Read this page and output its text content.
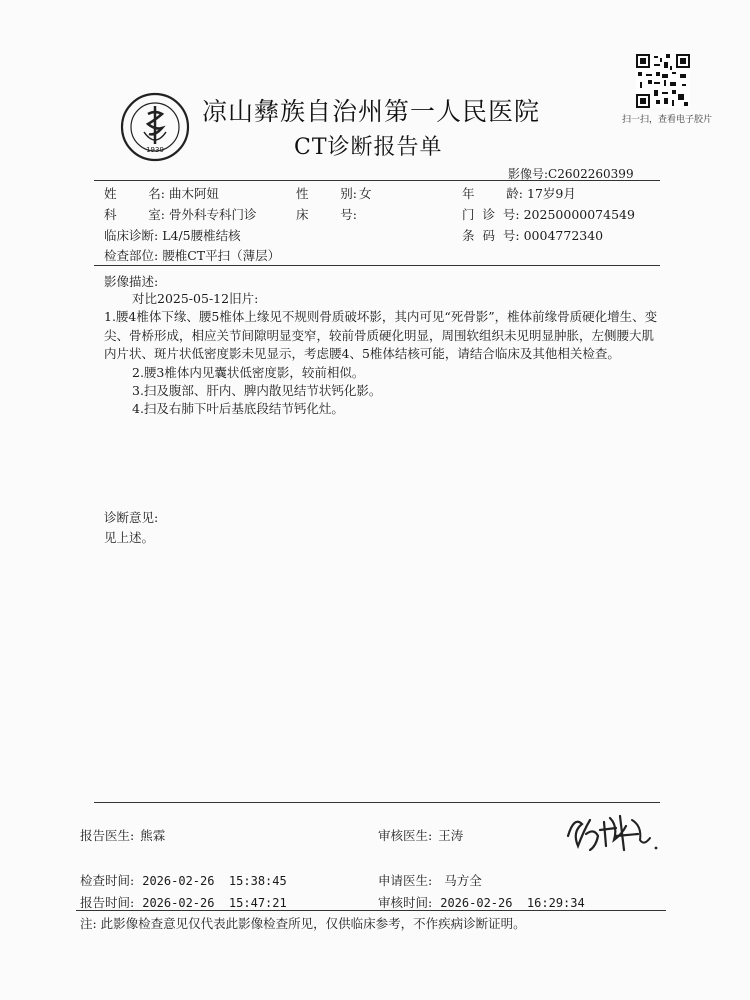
1939
凉山彝族自治州第一人民医院
CT诊断报告单
扫一扫，查看电子胶片
影像号:C2602260399
姓        名: 曲木阿妞	性        别: 女	年        龄: 17岁9月
科        室: 骨外科专科门诊	床        号:	门  诊  号: 20250000074549
临床诊断: L4/5腰椎结核	条  码  号: 0004772340
检查部位: 腰椎CT平扫（薄层）
影像描述:

对比2025-05-12旧片:

1.腰4椎体下缘、腰5椎体上缘见不规则骨质破坏影，其内可见“死骨影”，椎体前缘骨质硬化增生、变尖、骨桥形成，相应关节间隙明显变窄，较前骨质硬化明显，周围软组织未见明显肿胀，左侧腰大肌内片状、斑片状低密度影未见显示，考虑腰4、5椎体结核可能，请结合临床及其他相关检查。

2.腰3椎体内见囊状低密度影，较前相似。

3.扫及腹部、肝内、脾内散见结节状钙化影。

4.扫及右肺下叶后基底段结节钙化灶。

诊断意见:
见上述。
报告医生: 熊霖	审核医生: 王涛
检查时间: 2026-02-26  15:38:45	申请医生: 马方全
报告时间: 2026-02-26  15:47:21	审核时间: 2026-02-26  16:29:34
注: 此影像检查意见仅代表此影像检查所见，仅供临床参考，不作疾病诊断证明。
